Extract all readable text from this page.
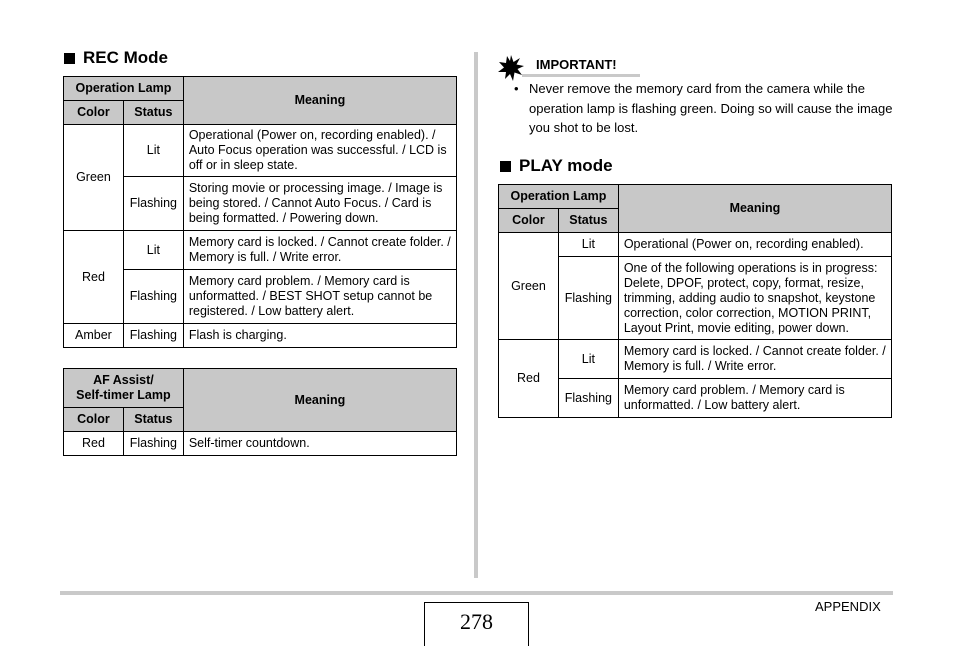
REC Mode
Operation Lamp		Meaning
Color	Status	
Green	Lit	Operational (Power on, recording enabled). / Auto Focus operation was successful. / LCD is off or in sleep state.
	Flashing	Storing movie or processing image. / Image is being stored. / Cannot Auto Focus. / Card is being formatted. / Powering down.
Red	Lit	Memory card is locked. / Cannot create folder. / Memory is full. / Write error.
	Flashing	Memory card problem. / Memory card is unformatted. / BEST SHOT setup cannot be registered. / Low battery alert.
Amber	Flashing	Flash is charging.
AF Assist/
Self-timer Lamp		Meaning
Color	Status	
Red	Flashing	Self-timer countdown.
IMPORTANT!
• Never remove the memory card from the camera while the operation lamp is flashing green. Doing so will cause the image you shot to be lost.
PLAY mode
Operation Lamp		Meaning
Color	Status	
Green	Lit	Operational (Power on, recording enabled).
	Flashing	One of the following operations is in progress: Delete, DPOF, protect, copy, format, resize, trimming, adding audio to snapshot, keystone correction, color correction, MOTION PRINT, Layout Print, movie editing, power down.
Red	Lit	Memory card is locked. / Cannot create folder. / Memory is full. / Write error.
	Flashing	Memory card problem. / Memory card is unformatted. / Low battery alert.
278
APPENDIX
